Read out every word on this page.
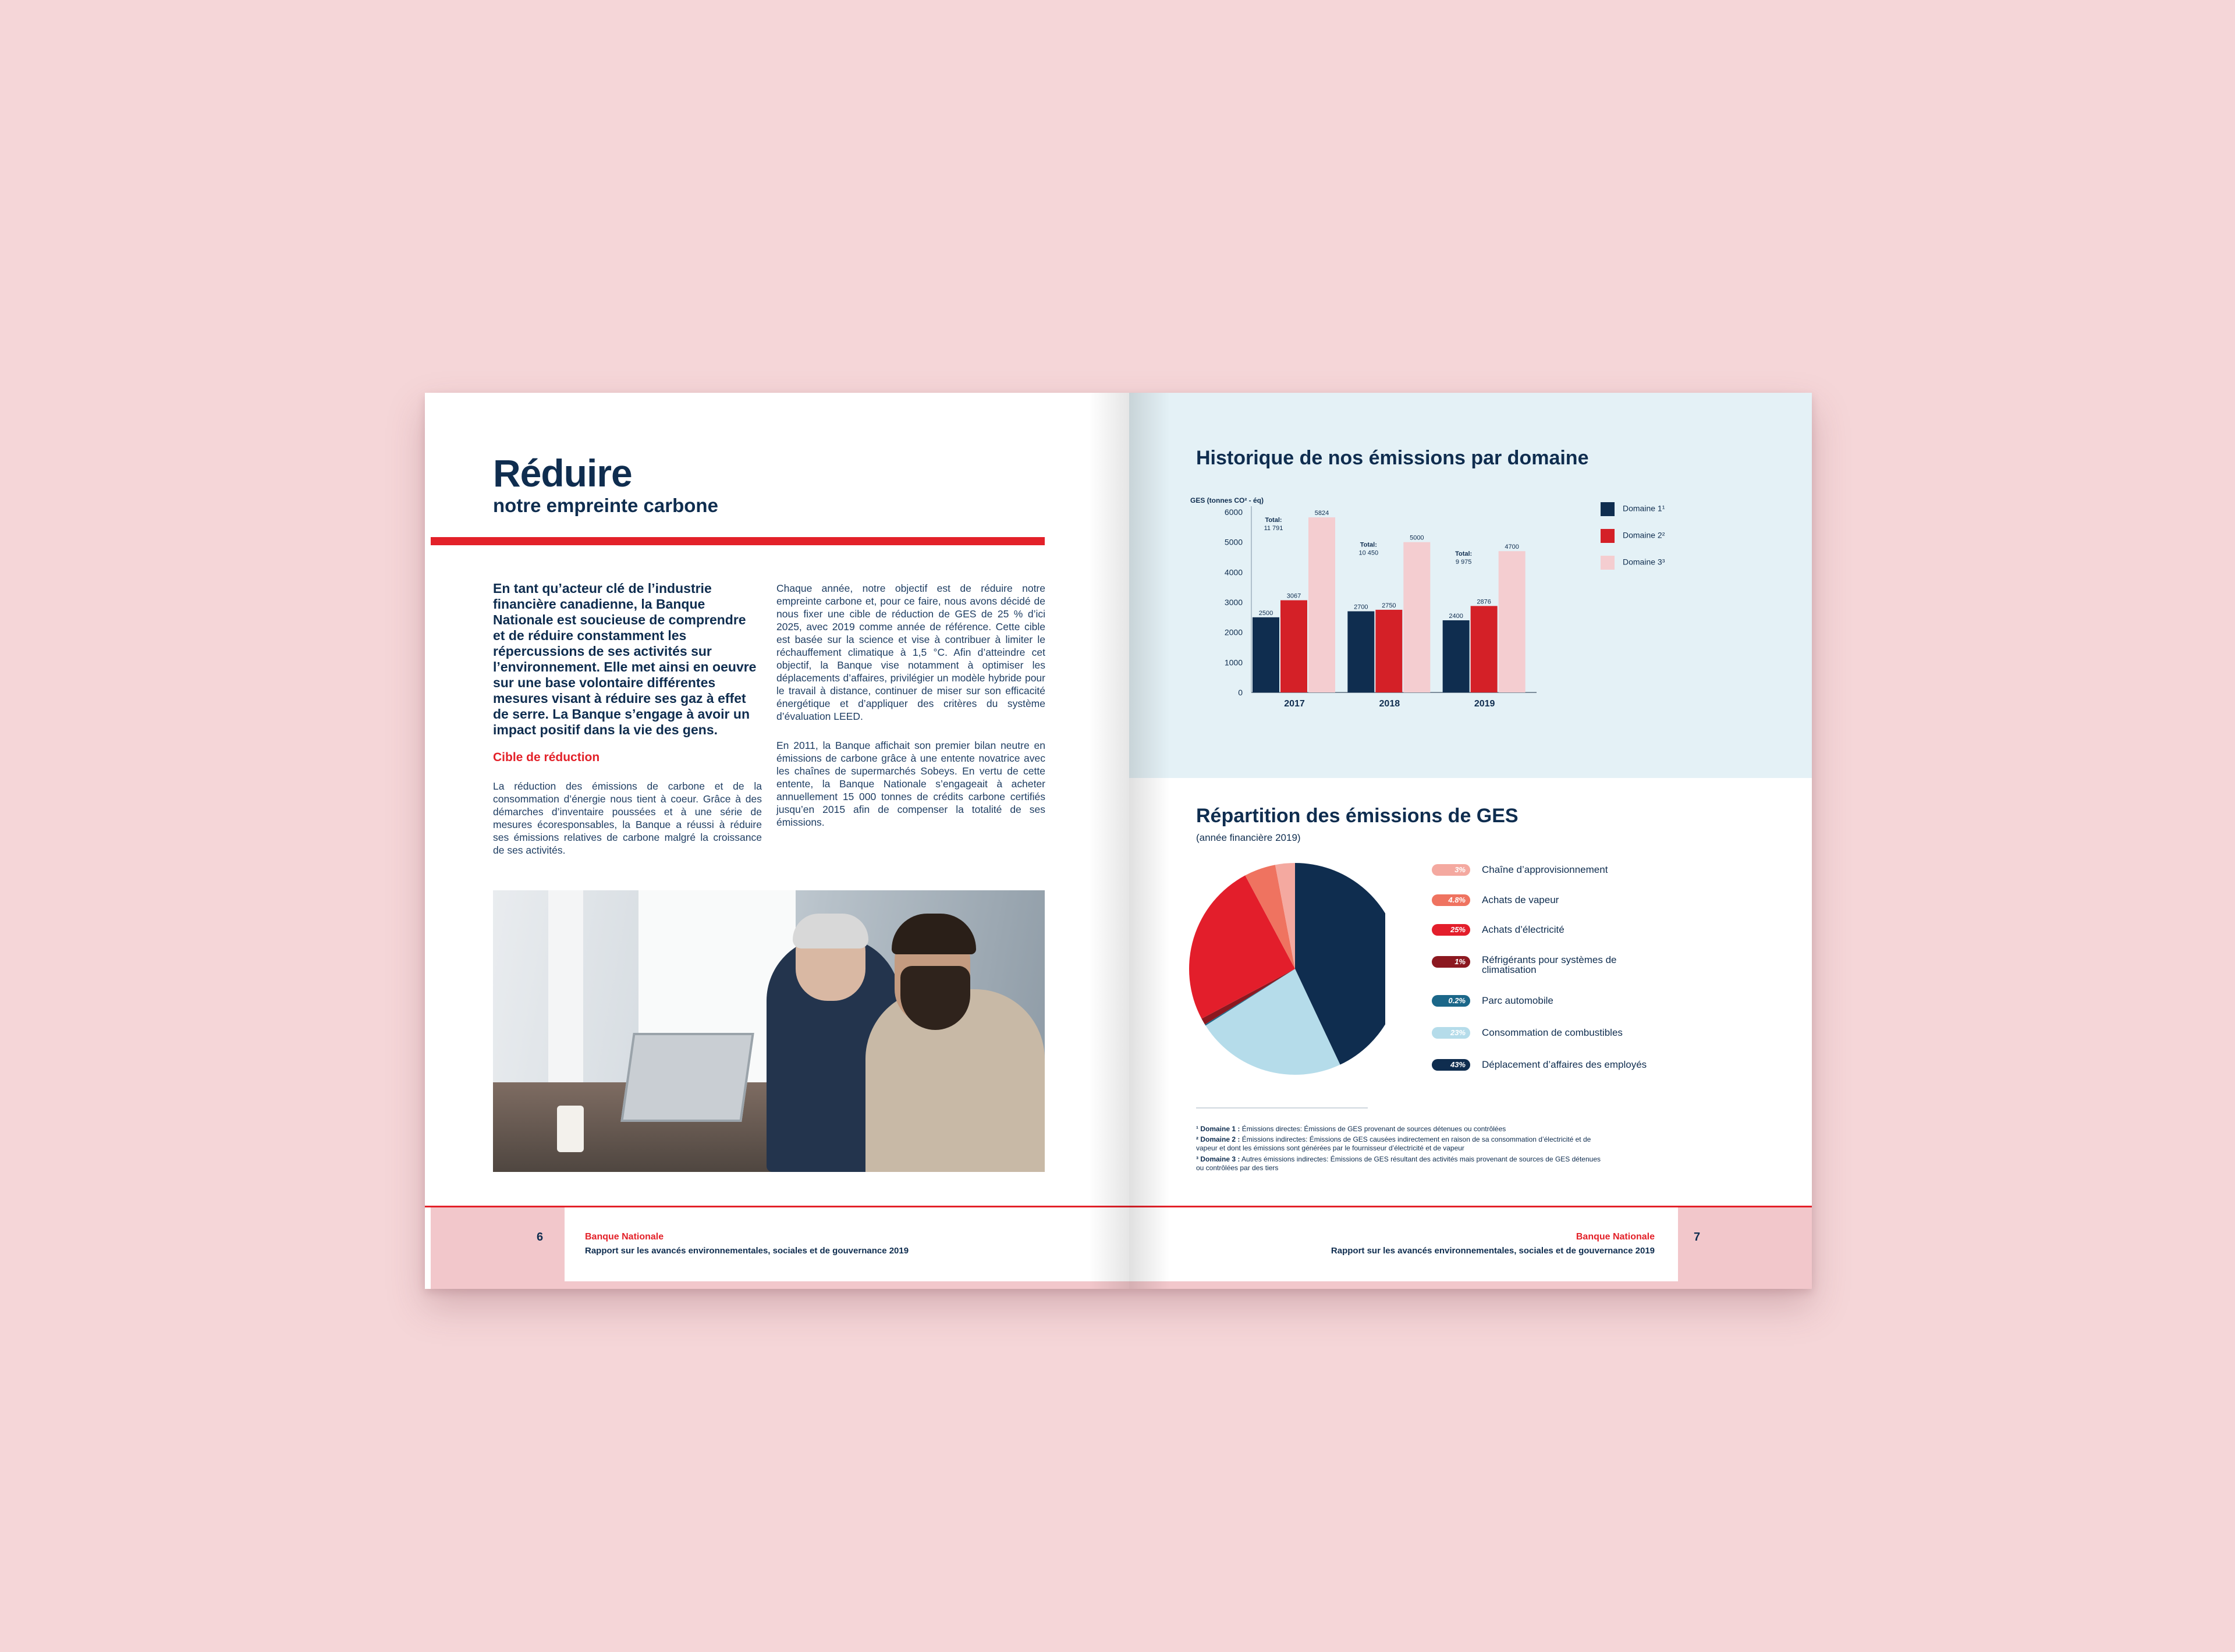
Réduire
notre empreinte carbone
En tant qu’acteur clé de l’industrie financière canadienne, la Banque Nationale est soucieuse de comprendre et de réduire constamment les répercussions de ses activités sur l’environnement. Elle met ainsi en oeuvre sur une base volontaire différentes mesures visant à réduire ses gaz à effet de serre. La Banque s’engage à avoir un impact positif dans la vie des gens.
Cible de réduction
La réduction des émissions de carbone et de la consommation d’énergie nous tient à coeur. Grâce à des démarches d’inventaire poussées et à une série de mesures écoresponsables, la Banque a réussi à réduire ses émissions relatives de carbone malgré la croissance de ses activités.
Chaque année, notre objectif est de réduire notre empreinte carbone et, pour ce faire, nous avons décidé de nous fixer une cible de réduction de GES de 25 % d’ici 2025, avec 2019 comme année de référence. Cette cible est basée sur la science et vise à contribuer à limiter le réchauffement climatique à 1,5 °C. Afin d’atteindre cet objectif, la Banque vise notamment à optimiser les déplacements d’affaires, privilégier un modèle hybride pour le travail à distance, continuer de miser sur son efficacité énergétique et d’appliquer des critères du système d’évaluation LEED.
En 2011, la Banque affichait son premier bilan neutre en émissions de carbone grâce à une entente novatrice avec les chaînes de supermarchés Sobeys. En vertu de cette entente, la Banque Nationale s’engageait à acheter annuellement 15 000 tonnes de crédits carbone certifiés jusqu’en 2015 afin de compenser la totalité de ses émissions.
6	Banque Nationale
Rapport sur les avancés environnementales, sociales et de gouvernance 2019
Historique de nos émissions par domaine
GES (tonnes CO² - éq)
0
1000
2000
3000
4000
5000
6000
2500
3067
5824
Total:
11 791
2017
2700 2750
5000
Total:
10 450
2018
2400
2876
4700
Total:
9 975
2019
Domaine 1¹
Domaine 2²
Domaine 3³
Répartition des émissions de GES
(année financière 2019)
3% Chaîne d’approvisionnement
4.8% Achats de vapeur
25% Achats d’électricité
1% Réfrigérants pour systèmes de climatisation
0.2% Parc automobile
23% Consommation de combustibles
43% Déplacement d’affaires des employés
¹ Domaine 1 : Émissions directes: Émissions de GES provenant de sources détenues ou contrôlées
² Domaine 2 : Émissions indirectes: Émissions de GES causées indirectement en raison de sa consommation d’électricité et de vapeur et dont les émissions sont générées par le fournisseur d’électricité et de vapeur
³ Domaine 3 : Autres émissions indirectes: Émissions de GES résultant des activités mais provenant de sources de GES détenues ou contrôlées par des tiers
7
Banque Nationale
Rapport sur les avancés environnementales, sociales et de gouvernance 2019
